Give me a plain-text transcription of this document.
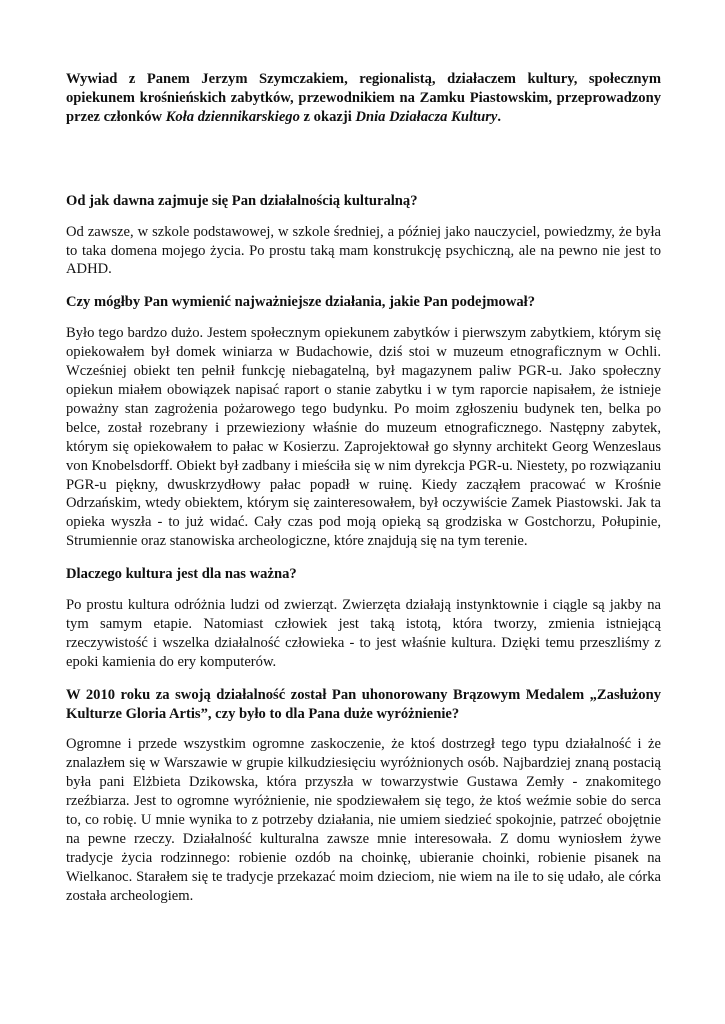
Wywiad z Panem Jerzym Szymczakiem, regionalistą, działaczem kultury, społecznym opiekunem krośnieńskich zabytków, przewodnikiem na Zamku Piastowskim, przeprowadzony przez członków Koła dziennikarskiego z okazji Dnia Działacza Kultury.

Od jak dawna zajmuje się Pan działalnością kulturalną?

Od zawsze, w szkole podstawowej, w szkole średniej, a później jako nauczyciel, powiedzmy, że była to taka domena mojego życia. Po prostu taką mam konstrukcję psychiczną, ale na pewno nie jest to ADHD.

Czy mógłby Pan wymienić najważniejsze działania, jakie Pan podejmował?

Było tego bardzo dużo. Jestem społecznym opiekunem zabytków i pierwszym zabytkiem, którym się opiekowałem był domek winiarza w Budachowie, dziś stoi w muzeum etnograficznym w Ochli. Wcześniej obiekt ten pełnił funkcję niebagatelną, był magazynem paliw PGR-u. Jako społeczny opiekun miałem obowiązek napisać raport o stanie zabytku i w tym raporcie napisałem, że istnieje poważny stan zagrożenia pożarowego tego budynku. Po moim zgłoszeniu budynek ten, belka po belce, został rozebrany i przewieziony właśnie do muzeum etnograficznego. Następny zabytek, którym się opiekowałem to pałac w Kosierzu. Zaprojektował go słynny architekt Georg Wenzeslaus von Knobelsdorff. Obiekt był zadbany i mieściła się w nim dyrekcja PGR-u. Niestety, po rozwiązaniu PGR-u piękny, dwuskrzydłowy pałac popadł w ruinę. Kiedy zacząłem pracować w Krośnie Odrzańskim, wtedy obiektem, którym się zainteresowałem, był oczywiście Zamek Piastowski. Jak ta opieka wyszła - to już widać. Cały czas pod moją opieką są grodziska w Gostchorzu, Połupinie, Strumiennie oraz stanowiska archeologiczne, które znajdują się na tym terenie.

Dlaczego kultura jest dla nas ważna?

Po prostu kultura odróżnia ludzi od zwierząt. Zwierzęta działają instynktownie i ciągle są jakby na tym samym etapie. Natomiast człowiek jest taką istotą, która tworzy, zmienia istniejącą rzeczywistość i wszelka działalność człowieka - to jest właśnie kultura. Dzięki temu przeszliśmy z epoki kamienia do ery komputerów.

W 2010 roku za swoją działalność został Pan uhonorowany Brązowym Medalem „Zasłużony Kulturze Gloria Artis”, czy było to dla Pana duże wyróżnienie?

Ogromne i przede wszystkim ogromne zaskoczenie, że ktoś dostrzegł tego typu działalność i że znalazłem się w Warszawie w grupie kilkudziesięciu wyróżnionych osób. Najbardziej znaną postacią była pani Elżbieta Dzikowska, która przyszła w towarzystwie Gustawa Zemły - znakomitego rzeźbiarza. Jest to ogromne wyróżnienie, nie spodziewałem się tego, że ktoś weźmie sobie do serca to, co robię. U mnie wynika to z potrzeby działania, nie umiem siedzieć spokojnie, patrzeć obojętnie na pewne rzeczy. Działalność kulturalna zawsze mnie interesowała. Z domu wyniosłem żywe tradycje życia rodzinnego: robienie ozdób na choinkę, ubieranie choinki, robienie pisanek na Wielkanoc. Starałem się te tradycje przekazać moim dzieciom, nie wiem na ile to się udało, ale córka została archeologiem.
